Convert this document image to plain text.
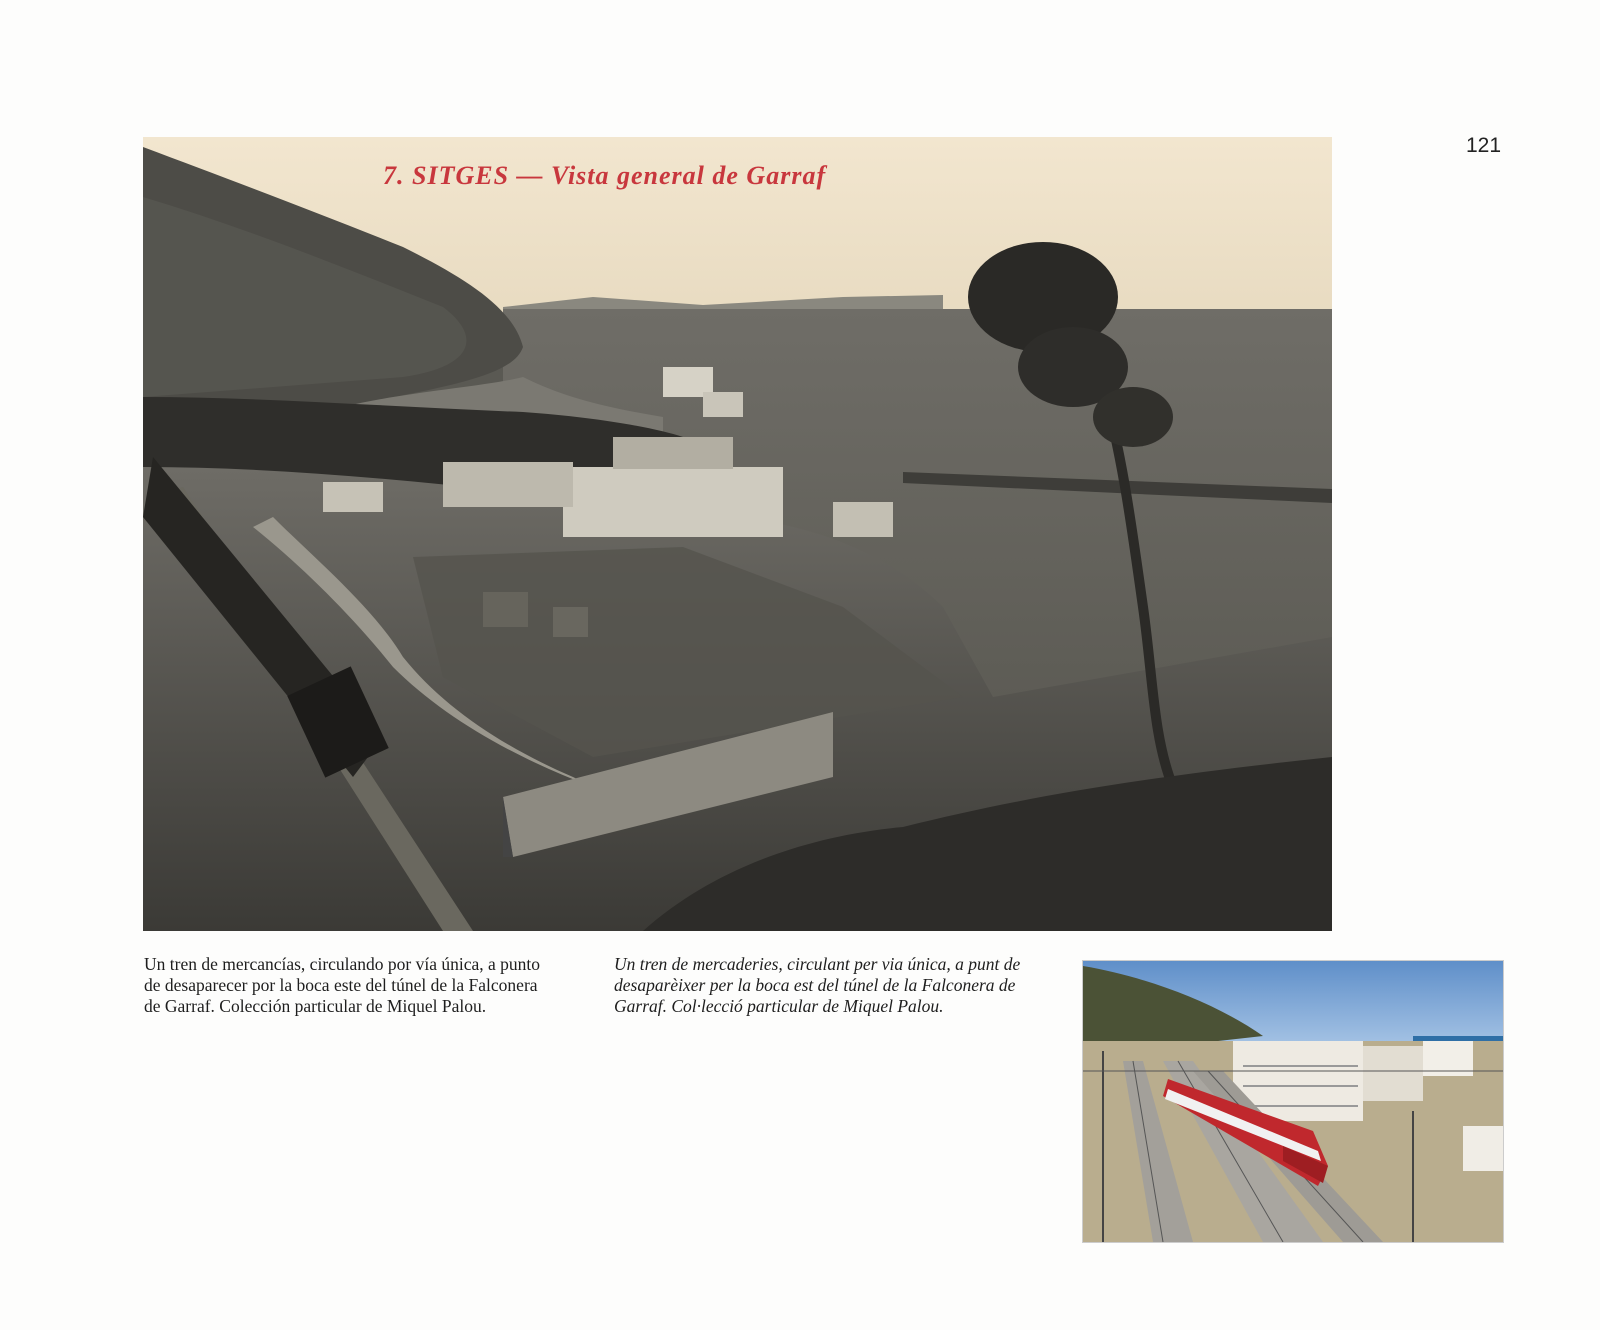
121
7. SITGES — Vista general de Garraf

Un tren de mercancías, circulando por vía única, a punto de desaparecer por la boca este del túnel de la Falconera de Garraf. Colección particular de Miquel Palou.

Un tren de mercaderies, circulant per via única, a punt de desaparèixer per la boca est del túnel de la Falconera de Garraf. Col·lecció particular de Miquel Palou.
